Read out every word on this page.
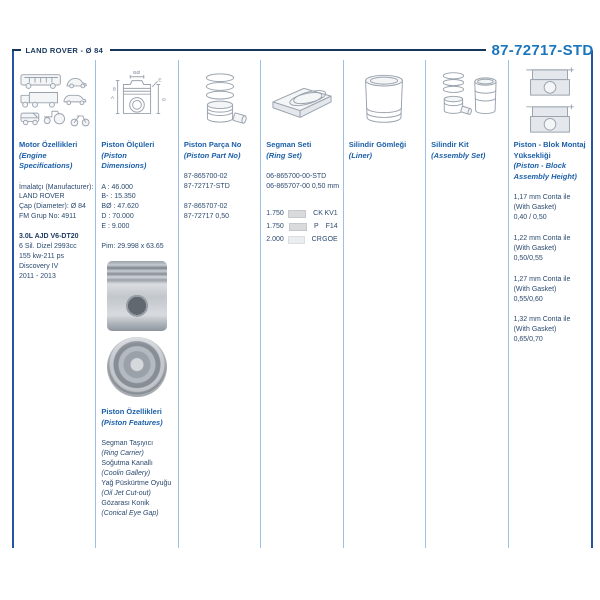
LAND ROVER - Ø 84	87-72717-STD
Motor Özellikleri
(Engine Specifications)
İmalatçı (Manufacturer):
LAND ROVER
Çap (Diameter): Ø 84
FM Grup No: 4911
3.0L AJD V6-DT20
6 Sil. Dizel 2993cc
155 kw-211 ps
Discovery IV
2011 - 2013
BØ
A
B
D
E
Piston Ölçüleri
(Piston Dimensions)
A : 46.000
B- : 15.350
BØ : 47.620
D : 70.000
E : 9.000
Pim: 29.998 x 63.65
Piston Özellikleri
(Piston Features)
Segman Taşıyıcı
(Ring Carrier)
Soğutma Kanallı
(Coolin Gallery)
Yağ Püskürtme Oyuğu
(Oil Jet Cut-out)
Gözarası Konik
(Conical Eye Gap)
Piston Parça No
(Piston Part No)
87-865700-02
87-72717-STD
87-865707-02
87-72717 0,50
Segman Seti
(Ring Set)
06-865700-00-STD
06-865707-00 0,50 mm
1.750	CK KV1
1.750	P F14
2.000	CR GOE
Silindir Gömleği
(Liner)
Silindir Kit
(Assembly Set)
Piston - Blok Montaj Yüksekliği
(Piston - Block Assembly Height)
1,17 mm Conta ile
(With Gasket)
0,40 / 0,50
1,22 mm Conta ile
(With Gasket)
0,50/0,55
1,27 mm Conta ile
(With Gasket)
0,55/0,60
1,32 mm Conta ile
(With Gasket)
0,65/0,70
